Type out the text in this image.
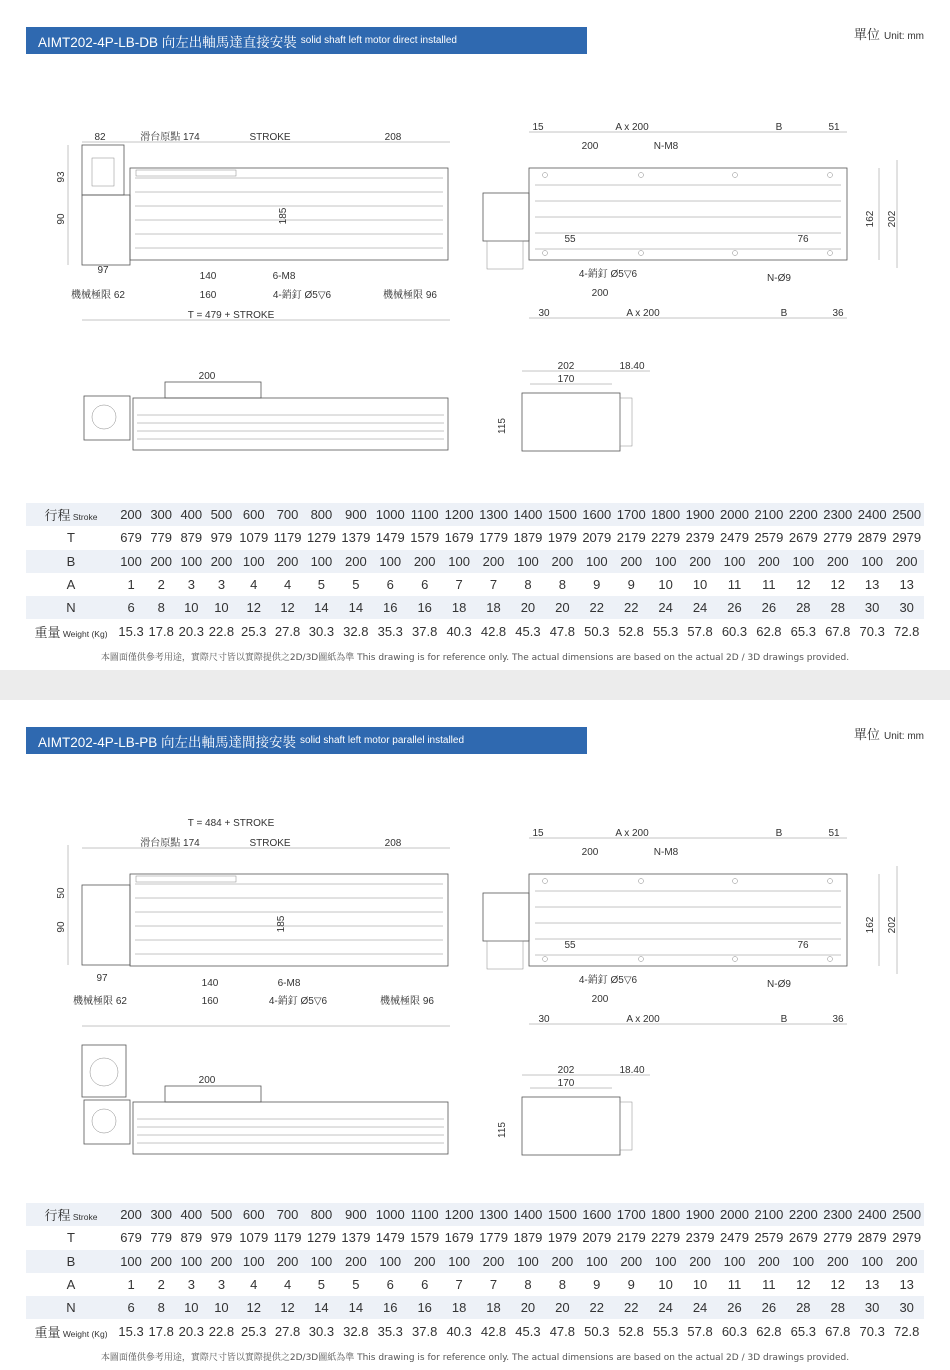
AIMT202-4P-LB-DB 向左出軸馬達直接安裝 solid shaft left motor direct installed	單位 Unit: mm
82	滑台原點 174	STROKE	208
93
90	185
97
140	6-M8
機械極限 62	160	4-銷釘 Ø5▽6	機械極限 96
T = 479 + STROKE
15	A x 200	B	51
200	N-M8
55	76
162 202
4-銷釘 Ø5▽6	N-Ø9
200
30	A x 200	B	36
200
202	18.40
170
115
行程 Stroke	200	300	400	500	600	700	800	900	1000	1100	1200	1300	1400	1500	1600	1700	1800	1900	2000	2100	2200	2300	2400	2500
T	679	779	879	979	1079	1179	1279	1379	1479	1579	1679	1779	1879	1979	2079	2179	2279	2379	2479	2579	2679	2779	2879	2979
B	100	200	100	200	100	200	100	200	100	200	100	200	100	200	100	200	100	200	100	200	100	200	100	200
A	1	2	3	3	4	4	5	5	6	6	7	7	8	8	9	9	10	10	11	11	12	12	13	13
N	6	8	10	10	12	12	14	14	16	16	18	18	20	20	22	22	24	24	26	26	28	28	30	30
重量 Weight (Kg)	15.3	17.8	20.3	22.8	25.3	27.8	30.3	32.8	35.3	37.8	40.3	42.8	45.3	47.8	50.3	52.8	55.3	57.8	60.3	62.8	65.3	67.8	70.3	72.8
本圖面僅供參考用途，實際尺寸皆以實際提供之2D/3D圖紙為準 This drawing is for reference only. The actual dimensions are based on the actual 2D / 3D drawings provided.
AIMT202-4P-LB-PB 向左出軸馬達間接安裝 solid shaft left motor parallel installed	單位 Unit: mm
T = 484 + STROKE
滑台原點 174	STROKE	208
50
90	185
97	140	6-M8
機械極限 62	160	4-銷釘 Ø5▽6	機械極限 96
15	A x 200	B	51
200	N-M8
55	76
162 202
4-銷釘 Ø5▽6	N-Ø9
200
30	A x 200	B	36
200
202	18.40
170
115
行程 Stroke	200	300	400	500	600	700	800	900	1000	1100	1200	1300	1400	1500	1600	1700	1800	1900	2000	2100	2200	2300	2400	2500
T	679	779	879	979	1079	1179	1279	1379	1479	1579	1679	1779	1879	1979	2079	2179	2279	2379	2479	2579	2679	2779	2879	2979
B	100	200	100	200	100	200	100	200	100	200	100	200	100	200	100	200	100	200	100	200	100	200	100	200
A	1	2	3	3	4	4	5	5	6	6	7	7	8	8	9	9	10	10	11	11	12	12	13	13
N	6	8	10	10	12	12	14	14	16	16	18	18	20	20	22	22	24	24	26	26	28	28	30	30
重量 Weight (Kg)	15.3	17.8	20.3	22.8	25.3	27.8	30.3	32.8	35.3	37.8	40.3	42.8	45.3	47.8	50.3	52.8	55.3	57.8	60.3	62.8	65.3	67.8	70.3	72.8
本圖面僅供參考用途，實際尺寸皆以實際提供之2D/3D圖紙為準 This drawing is for reference only. The actual dimensions are based on the actual 2D / 3D drawings provided.
